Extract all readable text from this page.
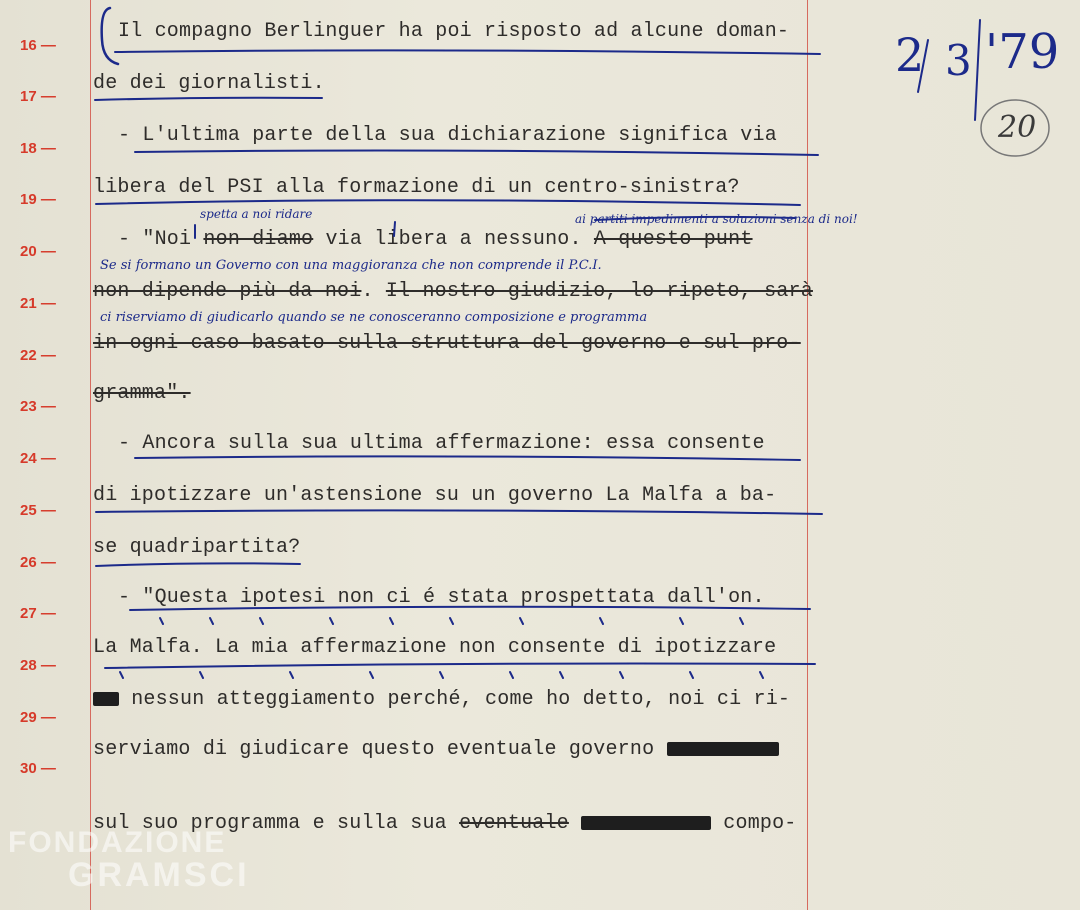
16 —
17 —
18 —
19 —
20 —
21 —
22 —
23 —
24 —
25 —
26 —
27 —
28 —
29 —
30 —
Il compagno Berlinguer ha poi risposto ad alcune doman-
de dei giornalisti.
- L'ultima parte della sua dichiarazione significa via
libera del PSI alla formazione di un centro-sinistra?
- "Noi non diamo via libera a nessuno. A questo punt
non dipende più da noi. Il nostro giudizio, lo ripeto, sarà
in ogni caso basato sulla struttura del governo e sul pro-
gramma".
- Ancora sulla sua ultima affermazione: essa consente
di ipotizzare un'astensione su un governo La Malfa a ba-
se quadripartita?
- "Questa ipotesi non ci é stata prospettata dall'on.
La Malfa. La mia affermazione non consente di ipotizzare
nessun atteggiamento perché, come ho detto, noi ci ri-
serviamo di giudicare questo eventuale governo
sul suo programma e sulla sua eventuale	compo-
2 3 '79
20
spetta a noi ridare	ai partiti impedimenti a soluzioni senza di noi!
Se si formano un Governo con una maggioranza che non comprende il P.C.I.
ci riserviamo di giudicarlo quando se ne conosceranno composizione e programma
FONDAZIONE
GRAMSCI
